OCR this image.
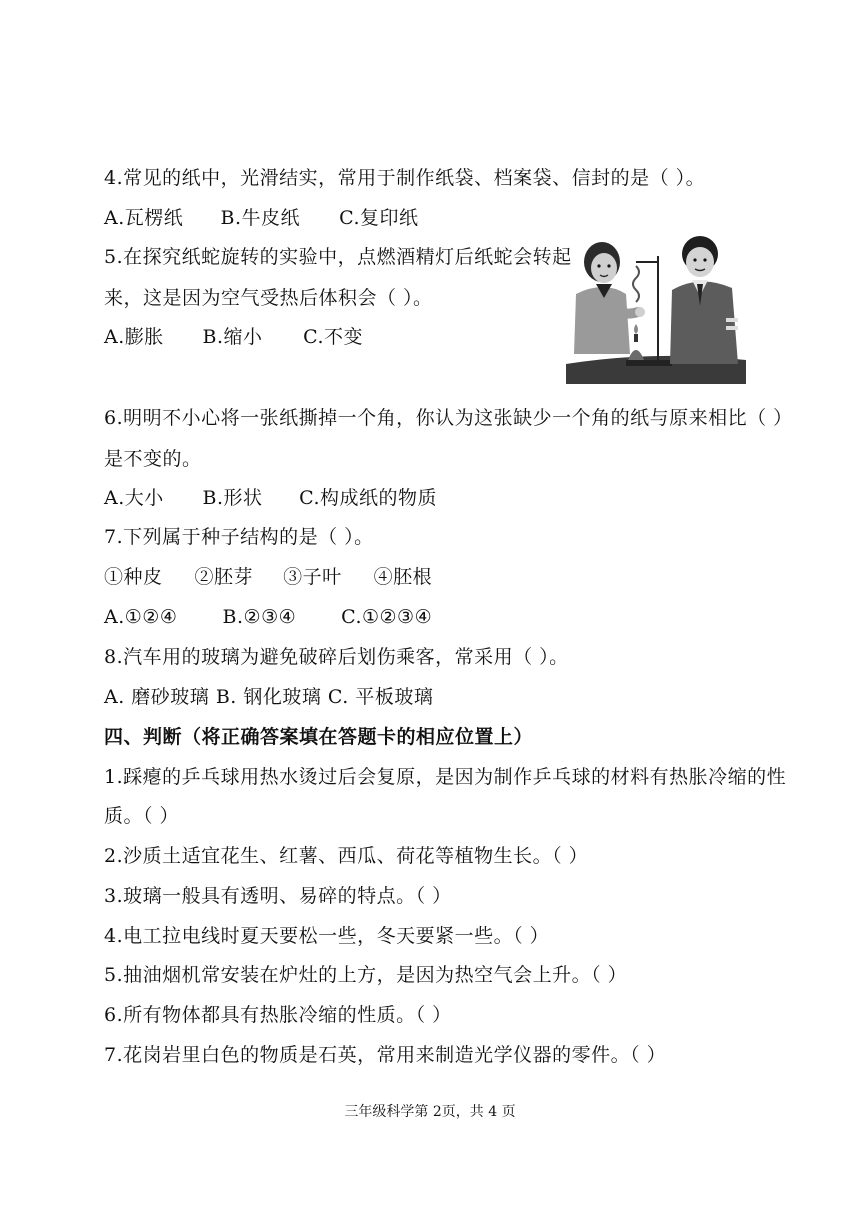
4.常见的纸中，光滑结实，常用于制作纸袋、档案袋、信封的是（ ）。
A.瓦楞纸 B.牛皮纸 C.复印纸
5.在探究纸蛇旋转的实验中，点燃酒精灯后纸蛇会转起
来，这是因为空气受热后体积会（ ）。
A.膨胀 B.缩小 C.不变
6.明明不小心将一张纸撕掉一个角，你认为这张缺少一个角的纸与原来相比（ ）
是不变的。
A.大小 B.形状 C.构成纸的物质
7.下列属于种子结构的是（ ）。
①种皮 ②胚芽 ③子叶 ④胚根
A.①②④ B.②③④ C.①②③④
8.汽车用的玻璃为避免破碎后划伤乘客，常采用（ ）。
A. 磨砂玻璃 B. 钢化玻璃 C. 平板玻璃
四、判断（将正确答案填在答题卡的相应位置上）
1.踩瘪的乒乓球用热水烫过后会复原，是因为制作乒乓球的材料有热胀冷缩的性
质。（ ）
2.沙质土适宜花生、红薯、西瓜、荷花等植物生长。（ ）
3.玻璃一般具有透明、易碎的特点。（ ）
4.电工拉电线时夏天要松一些，冬天要紧一些。（ ）
5.抽油烟机常安装在炉灶的上方，是因为热空气会上升。（ ）
6.所有物体都具有热胀冷缩的性质。（ ）
7.花岗岩里白色的物质是石英，常用来制造光学仪器的零件。（ ）
三年级科学第 2页，共 4 页
